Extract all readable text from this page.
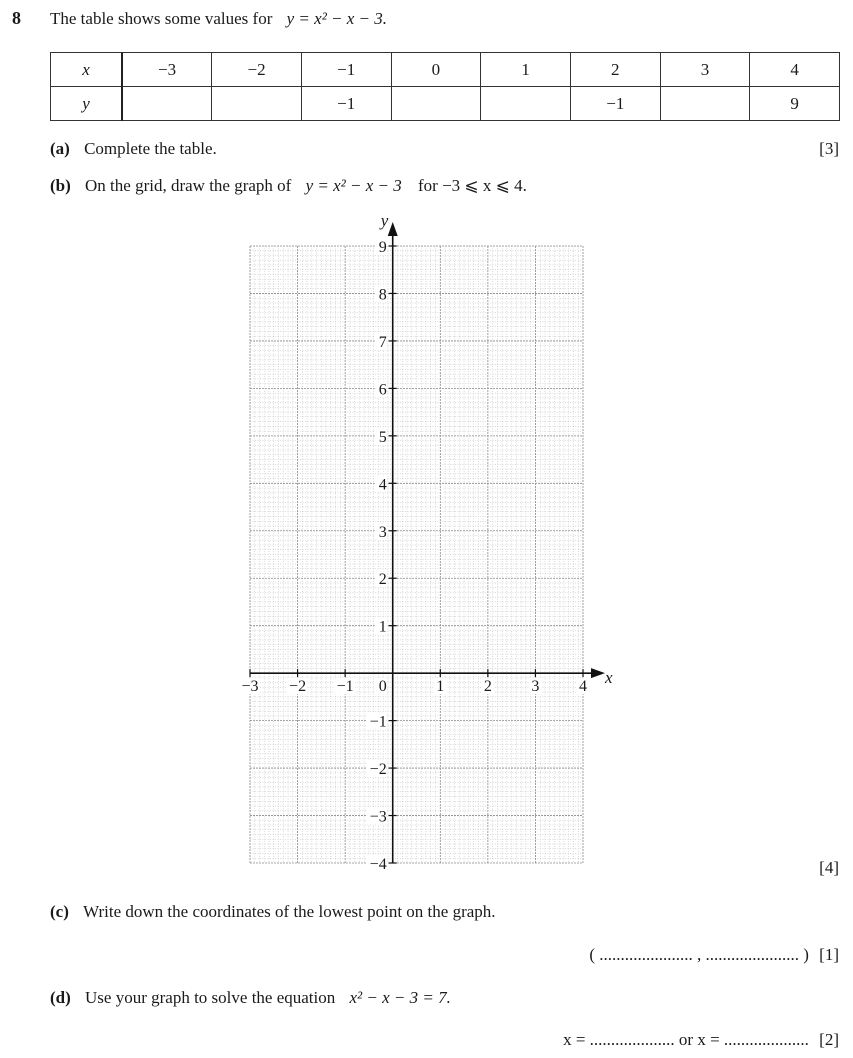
8 The table shows some values for y = x² − x − 3.
x	−3	−2	−1	0	1	2	3	4
y			−1			−1		9
(a) Complete the table.	[3]
(b) On the grid, draw the graph of y = x² − x − 3 for −3 ⩽ x ⩽ 4.
−3 −2 −1 0	1 2 3 4
9
8
7
6
5
4
3
2
1
−1
−2
−3
−4
x
y
[4]
(c) Write down the coordinates of the lowest point on the graph.
( ...................... , ...................... ) [1]
(d) Use your graph to solve the equation x² − x − 3 = 7.
x = .................... or x = .................... [2]
